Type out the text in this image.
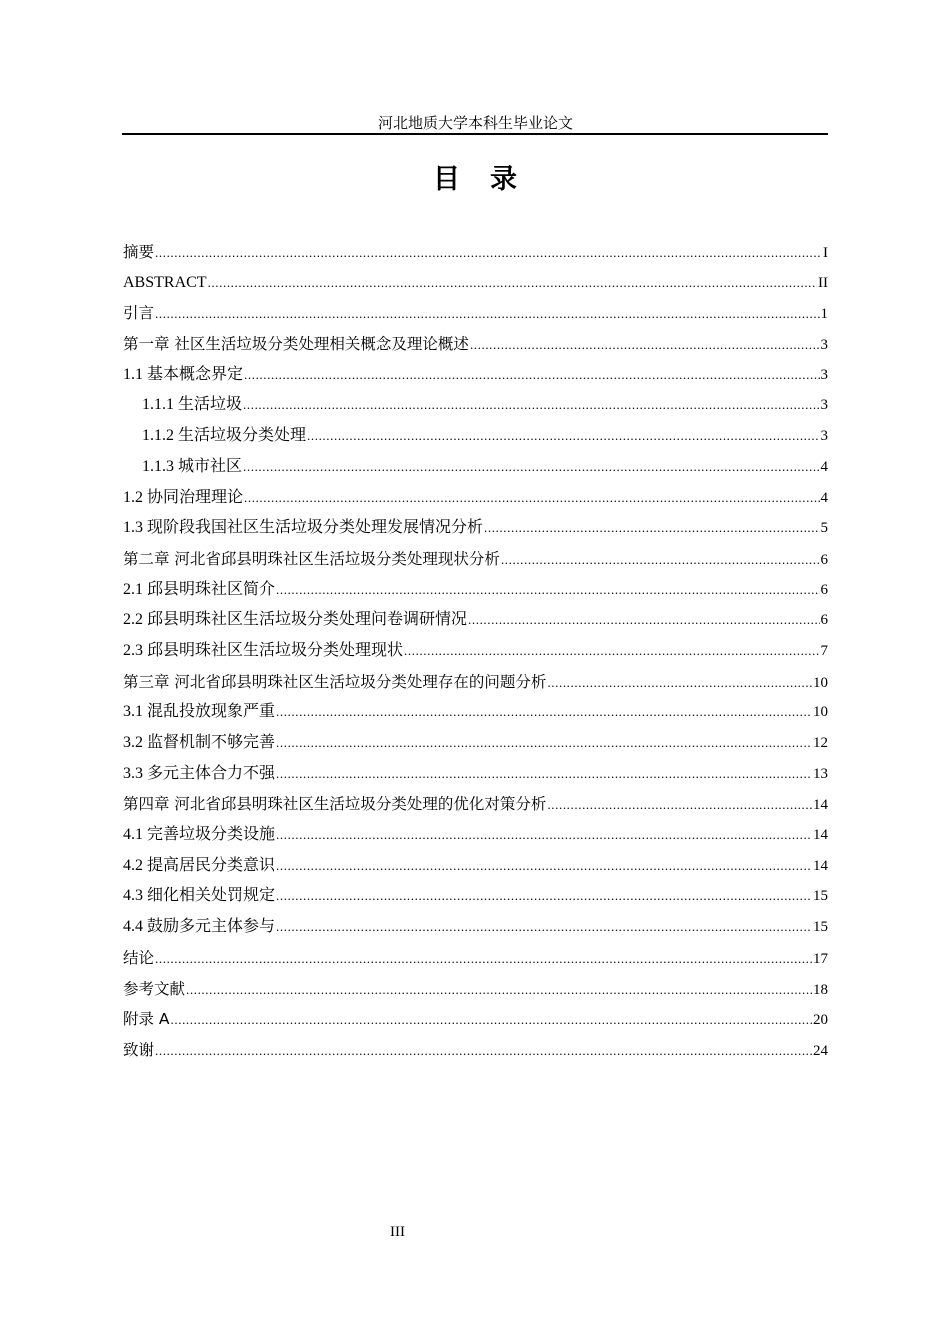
河北地质大学本科生毕业论文
目录
摘要 .....	I
ABSTRACT .....	II
引言 .....	1
第一章 社区生活垃圾分类处理相关概念及理论概述 .....	3
1.1 基本概念界定 .....	3
1.1.1 生活垃圾 .....	3
1.1.2 生活垃圾分类处理 .....	3
1.1.3 城市社区 .....	4
1.2 协同治理理论 .....	4
1.3 现阶段我国社区生活垃圾分类处理发展情况分析 .....	5
第二章 河北省邱县明珠社区生活垃圾分类处理现状分析 .....	6
2.1 邱县明珠社区简介 .....	6
2.2 邱县明珠社区生活垃圾分类处理问卷调研情况 .....	6
2.3 邱县明珠社区生活垃圾分类处理现状 .....	7
第三章 河北省邱县明珠社区生活垃圾分类处理存在的问题分析 .....	10
3.1 混乱投放现象严重 .....	10
3.2 监督机制不够完善 .....	12
3.3 多元主体合力不强 .....	13
第四章 河北省邱县明珠社区生活垃圾分类处理的优化对策分析 .....	14
4.1 完善垃圾分类设施 .....	14
4.2 提高居民分类意识 .....	14
4.3 细化相关处罚规定 .....	15
4.4 鼓励多元主体参与 .....	15
结论 .....	17
参考文献 .....	18
附录 A .....	20
致谢 .....	24
III
